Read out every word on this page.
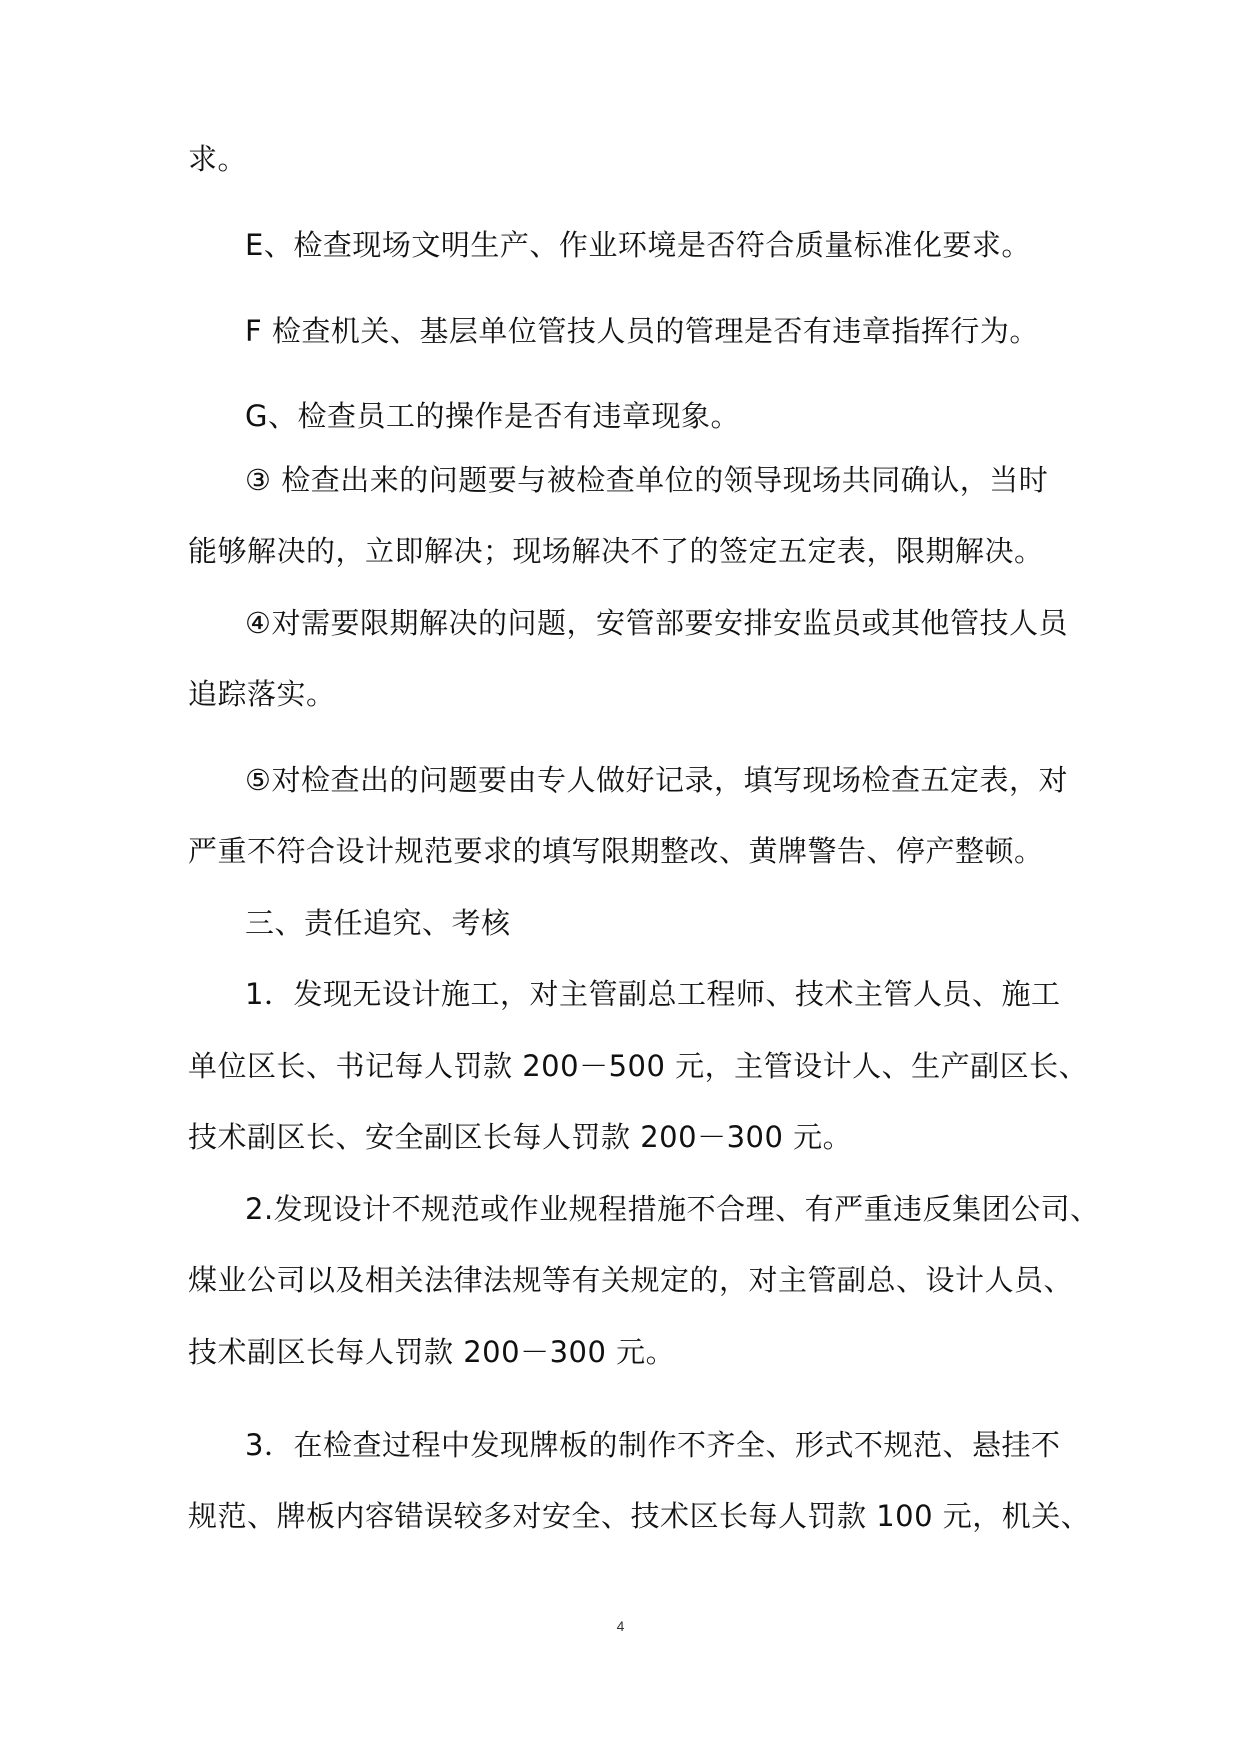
求。
E、检查现场文明生产、作业环境是否符合质量标准化要求。
F 检查机关、基层单位管技人员的管理是否有违章指挥行为。
G、检查员工的操作是否有违章现象。
③ 检查出来的问题要与被检查单位的领导现场共同确认，当时
能够解决的，立即解决；现场解决不了的签定五定表，限期解决。
④对需要限期解决的问题，安管部要安排安监员或其他管技人员
追踪落实。
⑤对检查出的问题要由专人做好记录，填写现场检查五定表，对
严重不符合设计规范要求的填写限期整改、黄牌警告、停产整顿。
三、责任追究、考核
1．发现无设计施工，对主管副总工程师、技术主管人员、施工
单位区长、书记每人罚款 200－500 元，主管设计人、生产副区长、
技术副区长、安全副区长每人罚款 200－300 元。
2.发现设计不规范或作业规程措施不合理、有严重违反集团公司、
煤业公司以及相关法律法规等有关规定的，对主管副总、设计人员、
技术副区长每人罚款 200－300 元。
3．在检查过程中发现牌板的制作不齐全、形式不规范、悬挂不
规范、牌板内容错误较多对安全、技术区长每人罚款 100 元，机关、
4
